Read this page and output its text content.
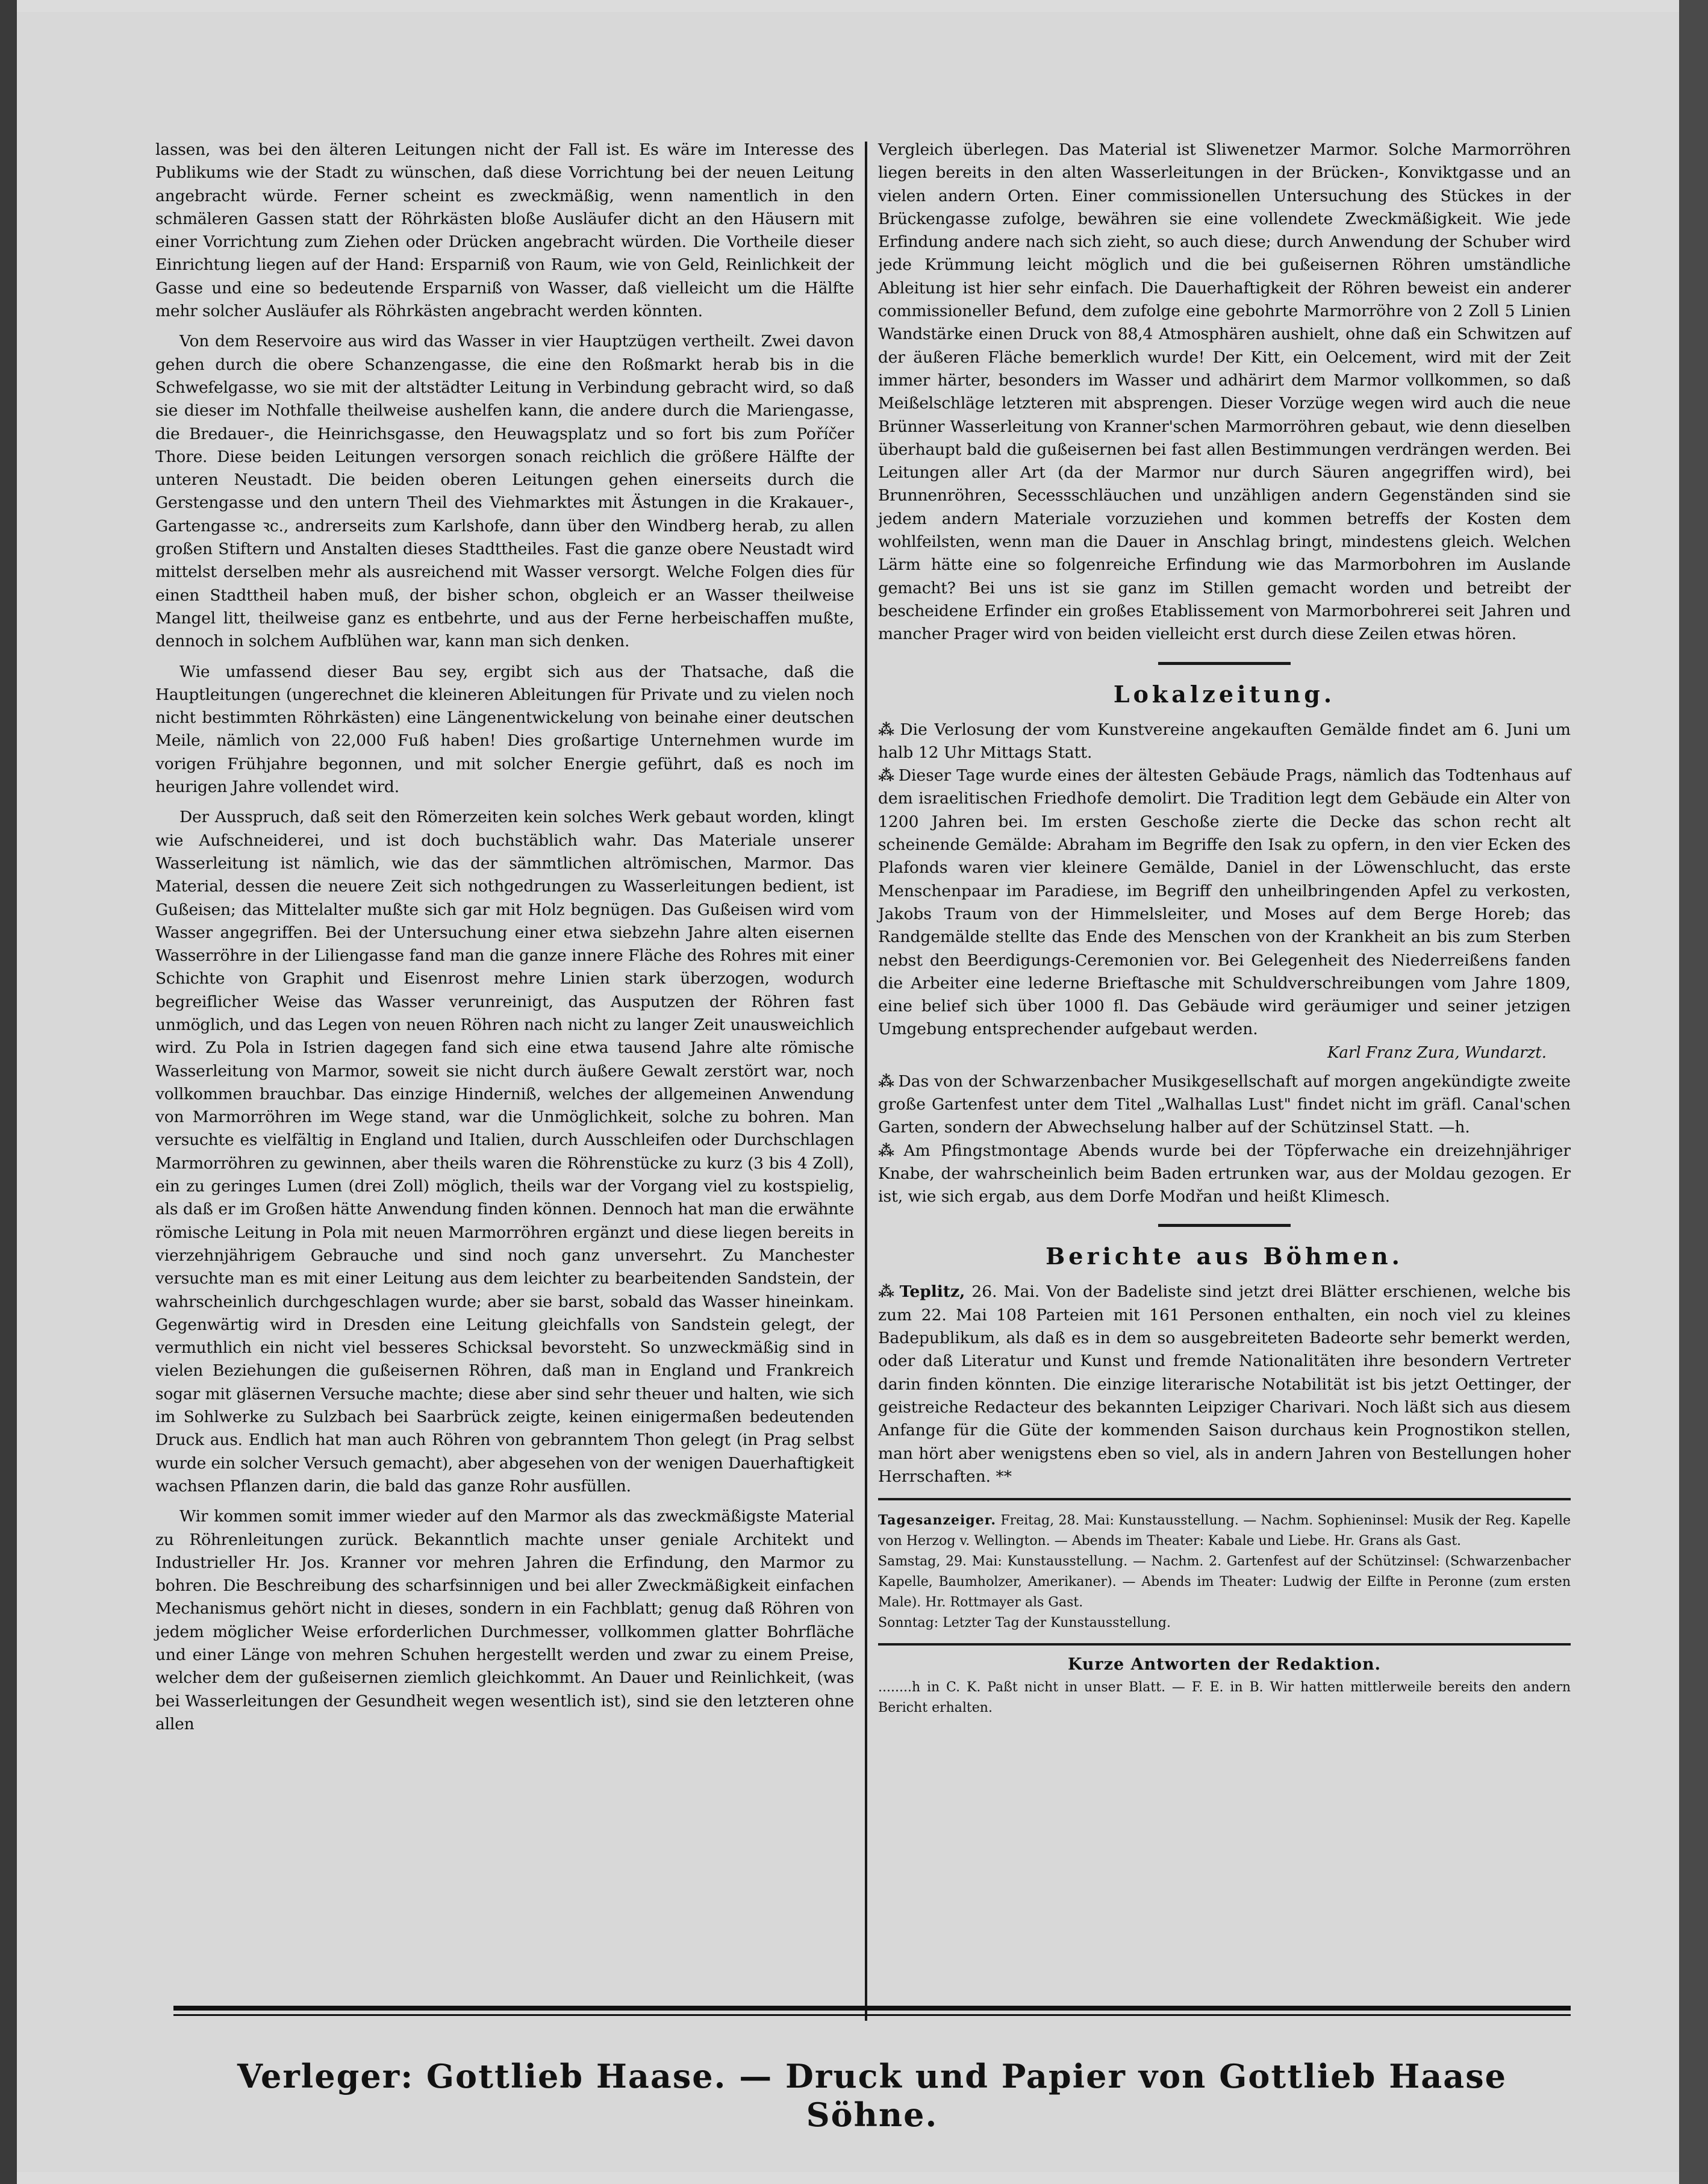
lassen, was bei den älteren Leitungen nicht der Fall ist. Es wäre im Interesse des Publikums wie der Stadt zu wünschen, daß diese Vorrichtung bei der neuen Leitung angebracht würde. Ferner scheint es zweckmäßig, wenn namentlich in den schmäleren Gassen statt der Röhrkästen bloße Ausläufer dicht an den Häusern mit einer Vorrichtung zum Ziehen oder Drücken angebracht würden. Die Vortheile dieser Einrichtung liegen auf der Hand: Ersparniß von Raum, wie von Geld, Reinlichkeit der Gasse und eine so bedeutende Ersparniß von Wasser, daß vielleicht um die Hälfte mehr solcher Ausläufer als Röhrkästen angebracht werden könnten.

Von dem Reservoire aus wird das Wasser in vier Hauptzügen vertheilt. Zwei davon gehen durch die obere Schanzengasse, die eine den Roßmarkt herab bis in die Schwefelgasse, wo sie mit der altstädter Leitung in Verbindung gebracht wird, so daß sie dieser im Nothfalle theilweise aushelfen kann, die andere durch die Mariengasse, die Bredauer-, die Heinrichsgasse, den Heuwagsplatz und so fort bis zum Poříčer Thore. Diese beiden Leitungen versorgen sonach reichlich die größere Hälfte der unteren Neustadt. Die beiden oberen Leitungen gehen einerseits durch die Gerstengasse und den untern Theil des Viehmarktes mit Ästungen in die Krakauer-, Gartengasse ꝛc., andrerseits zum Karlshofe, dann über den Windberg herab, zu allen großen Stiftern und Anstalten dieses Stadttheiles. Fast die ganze obere Neustadt wird mittelst derselben mehr als ausreichend mit Wasser versorgt. Welche Folgen dies für einen Stadttheil haben muß, der bisher schon, obgleich er an Wasser theilweise Mangel litt, theilweise ganz es entbehrte, und aus der Ferne herbeischaffen mußte, dennoch in solchem Aufblühen war, kann man sich denken.

Wie umfassend dieser Bau sey, ergibt sich aus der Thatsache, daß die Hauptleitungen (ungerechnet die kleineren Ableitungen für Private und zu vielen noch nicht bestimmten Röhrkästen) eine Längenentwickelung von beinahe einer deutschen Meile, nämlich von 22,000 Fuß haben! Dies großartige Unternehmen wurde im vorigen Frühjahre begonnen, und mit solcher Energie geführt, daß es noch im heurigen Jahre vollendet wird.

Der Ausspruch, daß seit den Römerzeiten kein solches Werk gebaut worden, klingt wie Aufschneiderei, und ist doch buchstäblich wahr. Das Materiale unserer Wasserleitung ist nämlich, wie das der sämmtlichen altrömischen, Marmor. Das Material, dessen die neuere Zeit sich nothgedrungen zu Wasserleitungen bedient, ist Gußeisen; das Mittelalter mußte sich gar mit Holz begnügen. Das Gußeisen wird vom Wasser angegriffen. Bei der Untersuchung einer etwa siebzehn Jahre alten eisernen Wasserröhre in der Liliengasse fand man die ganze innere Fläche des Rohres mit einer Schichte von Graphit und Eisenrost mehre Linien stark überzogen, wodurch begreiflicher Weise das Wasser verunreinigt, das Ausputzen der Röhren fast unmöglich, und das Legen von neuen Röhren nach nicht zu langer Zeit unausweichlich wird. Zu Pola in Istrien dagegen fand sich eine etwa tausend Jahre alte römische Wasserleitung von Marmor, soweit sie nicht durch äußere Gewalt zerstört war, noch vollkommen brauchbar. Das einzige Hinderniß, welches der allgemeinen Anwendung von Marmorröhren im Wege stand, war die Unmöglichkeit, solche zu bohren. Man versuchte es vielfältig in England und Italien, durch Ausschleifen oder Durchschlagen Marmorröhren zu gewinnen, aber theils waren die Röhrenstücke zu kurz (3 bis 4 Zoll), ein zu geringes Lumen (drei Zoll) möglich, theils war der Vorgang viel zu kostspielig, als daß er im Großen hätte Anwendung finden können. Dennoch hat man die erwähnte römische Leitung in Pola mit neuen Marmorröhren ergänzt und diese liegen bereits in vierzehnjährigem Gebrauche und sind noch ganz unversehrt. Zu Manchester versuchte man es mit einer Leitung aus dem leichter zu bearbeitenden Sandstein, der wahrscheinlich durchgeschlagen wurde; aber sie barst, sobald das Wasser hineinkam. Gegenwärtig wird in Dresden eine Leitung gleichfalls von Sandstein gelegt, der vermuthlich ein nicht viel besseres Schicksal bevorsteht. So unzweckmäßig sind in vielen Beziehungen die gußeisernen Röhren, daß man in England und Frankreich sogar mit gläsernen Versuche machte; diese aber sind sehr theuer und halten, wie sich im Sohlwerke zu Sulzbach bei Saarbrück zeigte, keinen einigermaßen bedeutenden Druck aus. Endlich hat man auch Röhren von gebranntem Thon gelegt (in Prag selbst wurde ein solcher Versuch gemacht), aber abgesehen von der wenigen Dauerhaftigkeit wachsen Pflanzen darin, die bald das ganze Rohr ausfüllen.

Wir kommen somit immer wieder auf den Marmor als das zweckmäßigste Material zu Röhrenleitungen zurück. Bekanntlich machte unser geniale Architekt und Industrieller Hr. Jos. Kranner vor mehren Jahren die Erfindung, den Marmor zu bohren. Die Beschreibung des scharfsinnigen und bei aller Zweckmäßigkeit einfachen Mechanismus gehört nicht in dieses, sondern in ein Fachblatt; genug daß Röhren von jedem möglicher Weise erforderlichen Durchmesser, vollkommen glatter Bohrfläche und einer Länge von mehren Schuhen hergestellt werden und zwar zu einem Preise, welcher dem der gußeisernen ziemlich gleichkommt. An Dauer und Reinlichkeit, (was bei Wasserleitungen der Gesundheit wegen wesentlich ist), sind sie den letzteren ohne allen

Vergleich überlegen. Das Material ist Sliwenetzer Marmor. Solche Marmorröhren liegen bereits in den alten Wasserleitungen in der Brücken-, Konviktgasse und an vielen andern Orten. Einer commissionellen Untersuchung des Stückes in der Brückengasse zufolge, bewähren sie eine vollendete Zweckmäßigkeit. Wie jede Erfindung andere nach sich zieht, so auch diese; durch Anwendung der Schuber wird jede Krümmung leicht möglich und die bei gußeisernen Röhren umständliche Ableitung ist hier sehr einfach. Die Dauerhaftigkeit der Röhren beweist ein anderer commissioneller Befund, dem zufolge eine gebohrte Marmorröhre von 2 Zoll 5 Linien Wandstärke einen Druck von 88,4 Atmosphären aushielt, ohne daß ein Schwitzen auf der äußeren Fläche bemerklich wurde! Der Kitt, ein Oelcement, wird mit der Zeit immer härter, besonders im Wasser und adhärirt dem Marmor vollkommen, so daß Meißelschläge letzteren mit absprengen. Dieser Vorzüge wegen wird auch die neue Brünner Wasserleitung von Kranner'schen Marmorröhren gebaut, wie denn dieselben überhaupt bald die gußeisernen bei fast allen Bestimmungen verdrängen werden. Bei Leitungen aller Art (da der Marmor nur durch Säuren angegriffen wird), bei Brunnenröhren, Secessschläuchen und unzähligen andern Gegenständen sind sie jedem andern Materiale vorzuziehen und kommen betreffs der Kosten dem wohlfeilsten, wenn man die Dauer in Anschlag bringt, mindestens gleich. Welchen Lärm hätte eine so folgenreiche Erfindung wie das Marmorbohren im Auslande gemacht? Bei uns ist sie ganz im Stillen gemacht worden und betreibt der bescheidene Erfinder ein großes Etablissement von Marmorbohrerei seit Jahren und mancher Prager wird von beiden vielleicht erst durch diese Zeilen etwas hören.

Lokalzeitung.

⁂ Die Verlosung der vom Kunstvereine angekauften Gemälde findet am 6. Juni um halb 12 Uhr Mittags Statt.

⁂ Dieser Tage wurde eines der ältesten Gebäude Prags, nämlich das Todtenhaus auf dem israelitischen Friedhofe demolirt. Die Tradition legt dem Gebäude ein Alter von 1200 Jahren bei. Im ersten Geschoße zierte die Decke das schon recht alt scheinende Gemälde: Abraham im Begriffe den Isak zu opfern, in den vier Ecken des Plafonds waren vier kleinere Gemälde, Daniel in der Löwenschlucht, das erste Menschenpaar im Paradiese, im Begriff den unheilbringenden Apfel zu verkosten, Jakobs Traum von der Himmelsleiter, und Moses auf dem Berge Horeb; das Randgemälde stellte das Ende des Menschen von der Krankheit an bis zum Sterben nebst den Beerdigungs-Ceremonien vor. Bei Gelegenheit des Niederreißens fanden die Arbeiter eine lederne Brieftasche mit Schuldverschreibungen vom Jahre 1809, eine belief sich über 1000 fl. Das Gebäude wird geräumiger und seiner jetzigen Umgebung entsprechender aufgebaut werden.

Karl Franz Zura, Wundarzt.

⁂ Das von der Schwarzenbacher Musikgesellschaft auf morgen angekündigte zweite große Gartenfest unter dem Titel „Walhallas Lust" findet nicht im gräfl. Canal'schen Garten, sondern der Abwechselung halber auf der Schützinsel Statt. —h.

⁂ Am Pfingstmontage Abends wurde bei der Töpferwache ein dreizehnjähriger Knabe, der wahrscheinlich beim Baden ertrunken war, aus der Moldau gezogen. Er ist, wie sich ergab, aus dem Dorfe Modřan und heißt Klimesch.

Berichte aus Böhmen.

⁂ Teplitz, 26. Mai. Von der Badeliste sind jetzt drei Blätter erschienen, welche bis zum 22. Mai 108 Parteien mit 161 Personen enthalten, ein noch viel zu kleines Badepublikum, als daß es in dem so ausgebreiteten Badeorte sehr bemerkt werden, oder daß Literatur und Kunst und fremde Nationalitäten ihre besondern Vertreter darin finden könnten. Die einzige literarische Notabilität ist bis jetzt Oettinger, der geistreiche Redacteur des bekannten Leipziger Charivari. Noch läßt sich aus diesem Anfange für die Güte der kommenden Saison durchaus kein Prognostikon stellen, man hört aber wenigstens eben so viel, als in andern Jahren von Bestellungen hoher Herrschaften. **

Tagesanzeiger. Freitag, 28. Mai: Kunstausstellung. — Nachm. Sophieninsel: Musik der Reg. Kapelle von Herzog v. Wellington. — Abends im Theater: Kabale und Liebe. Hr. Grans als Gast.

Samstag, 29. Mai: Kunstausstellung. — Nachm. 2. Gartenfest auf der Schützinsel: (Schwarzenbacher Kapelle, Baumholzer, Amerikaner). — Abends im Theater: Ludwig der Eilfte in Peronne (zum ersten Male). Hr. Rottmayer als Gast.

Sonntag: Letzter Tag der Kunstausstellung.

Kurze Antworten der Redaktion.

........h in C. K. Paßt nicht in unser Blatt. — F. E. in B. Wir hatten mittlerweile bereits den andern Bericht erhalten.

Verleger: Gottlieb Haase. — Druck und Papier von Gottlieb Haase Söhne.
